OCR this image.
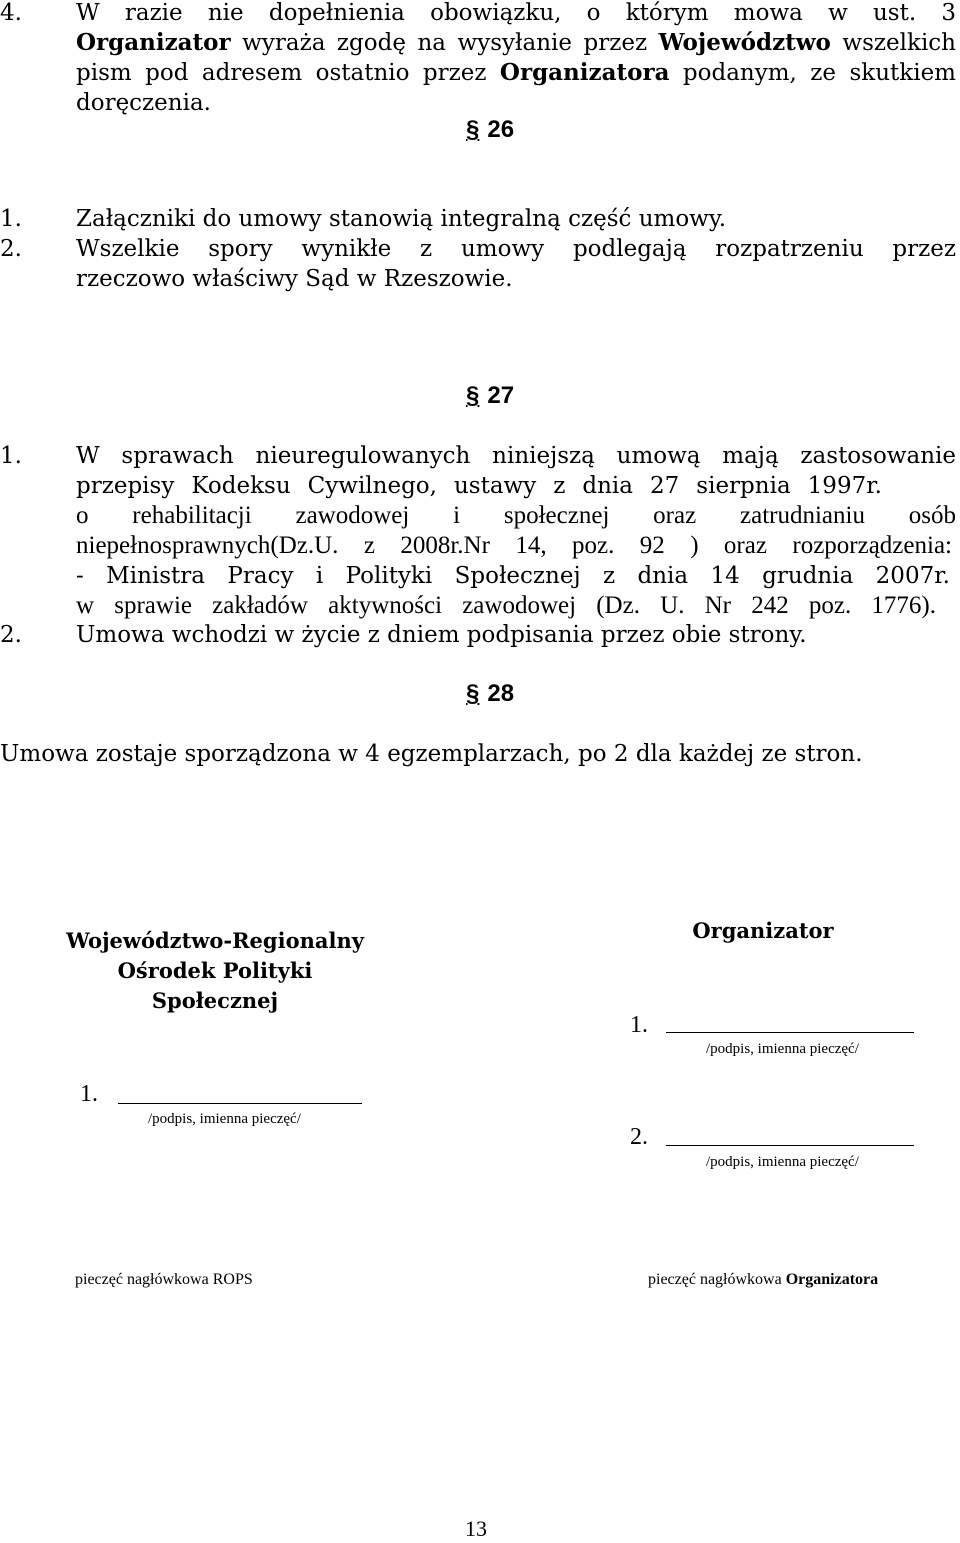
4. W razie nie dopełnienia obowiązku, o którym mowa w ust. 3
Organizator wyraża zgodę na wysyłanie przez Województwo wszelkich
pism pod adresem ostatnio przez Organizatora podanym, ze skutkiem
doręczenia.
§ 26
1. Załączniki do umowy stanowią integralną część umowy.
2. Wszelkie spory wynikłe z umowy podlegają rozpatrzeniu przez
rzeczowo właściwy Sąd w Rzeszowie.
§ 27
1. W sprawach nieuregulowanych niniejszą umową mają zastosowanie
przepisy Kodeksu Cywilnego, ustawy z dnia 27 sierpnia 1997r.
o rehabilitacji zawodowej i społecznej oraz zatrudnianiu osób
niepełnosprawnych(Dz.U. z 2008r.Nr 14, poz. 92 ) oraz rozporządzenia:
- Ministra Pracy i Polityki Społecznej z dnia 14 grudnia 2007r.
w sprawie zakładów aktywności zawodowej (Dz. U. Nr 242 poz. 1776).
2. Umowa wchodzi w życie z dniem podpisania przez obie strony.
§ 28
Umowa zostaje sporządzona w 4 egzemplarzach, po 2 dla każdej ze stron.
Województwo-Regionalny
Ośrodek Polityki
Społecznej
1.
/podpis, imienna pieczęć/
pieczęć nagłówkowa ROPS
Organizator
1.
/podpis, imienna pieczęć/
2.
/podpis, imienna pieczęć/
pieczęć nagłówkowa Organizatora
13
